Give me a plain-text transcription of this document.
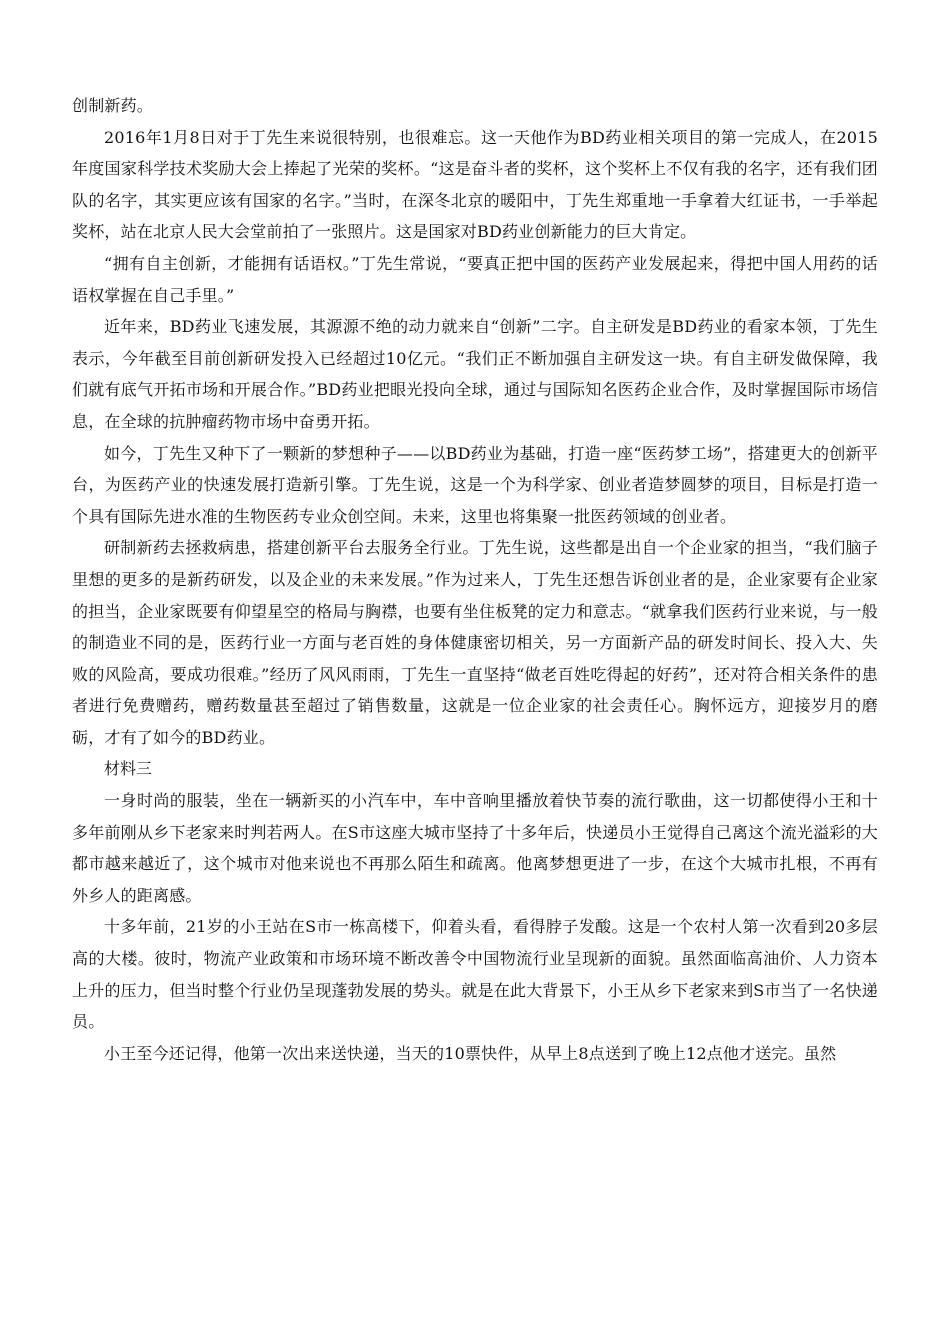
创制新药。

2016年1月8日对于丁先生来说很特别，也很难忘。这一天他作为BD药业相关项目的第一完成人，在2015年度国家科学技术奖励大会上捧起了光荣的奖杯。“这是奋斗者的奖杯，这个奖杯上不仅有我的名字，还有我们团队的名字，其实更应该有国家的名字。”当时，在深冬北京的暖阳中，丁先生郑重地一手拿着大红证书，一手举起奖杯，站在北京人民大会堂前拍了一张照片。这是国家对BD药业创新能力的巨大肯定。

“拥有自主创新，才能拥有话语权。”丁先生常说，“要真正把中国的医药产业发展起来，得把中国人用药的话语权掌握在自己手里。”

近年来，BD药业飞速发展，其源源不绝的动力就来自“创新”二字。自主研发是BD药业的看家本领，丁先生表示，今年截至目前创新研发投入已经超过10亿元。“我们正不断加强自主研发这一块。有自主研发做保障，我们就有底气开拓市场和开展合作。”BD药业把眼光投向全球，通过与国际知名医药企业合作，及时掌握国际市场信息，在全球的抗肿瘤药物市场中奋勇开拓。

如今，丁先生又种下了一颗新的梦想种子——以BD药业为基础，打造一座“医药梦工场”，搭建更大的创新平台，为医药产业的快速发展打造新引擎。丁先生说，这是一个为科学家、创业者造梦圆梦的项目，目标是打造一个具有国际先进水准的生物医药专业众创空间。未来，这里也将集聚一批医药领域的创业者。

研制新药去拯救病患，搭建创新平台去服务全行业。丁先生说，这些都是出自一个企业家的担当，“我们脑子里想的更多的是新药研发，以及企业的未来发展。”作为过来人，丁先生还想告诉创业者的是，企业家要有企业家的担当，企业家既要有仰望星空的格局与胸襟，也要有坐住板凳的定力和意志。“就拿我们医药行业来说，与一般的制造业不同的是，医药行业一方面与老百姓的身体健康密切相关，另一方面新产品的研发时间长、投入大、失败的风险高，要成功很难。”经历了风风雨雨，丁先生一直坚持“做老百姓吃得起的好药”，还对符合相关条件的患者进行免费赠药，赠药数量甚至超过了销售数量，这就是一位企业家的社会责任心。胸怀远方，迎接岁月的磨砺，才有了如今的BD药业。

材料三

一身时尚的服装，坐在一辆新买的小汽车中，车中音响里播放着快节奏的流行歌曲，这一切都使得小王和十多年前刚从乡下老家来时判若两人。在S市这座大城市坚持了十多年后，快递员小王觉得自己离这个流光溢彩的大都市越来越近了，这个城市对他来说也不再那么陌生和疏离。他离梦想更进了一步，在这个大城市扎根，不再有外乡人的距离感。

十多年前，21岁的小王站在S市一栋高楼下，仰着头看，看得脖子发酸。这是一个农村人第一次看到20多层高的大楼。彼时，物流产业政策和市场环境不断改善令中国物流行业呈现新的面貌。虽然面临高油价、人力资本上升的压力，但当时整个行业仍呈现蓬勃发展的势头。就是在此大背景下，小王从乡下老家来到S市当了一名快递员。

小王至今还记得，他第一次出来送快递，当天的10票快件，从早上8点送到了晚上12点他才送完。虽然
